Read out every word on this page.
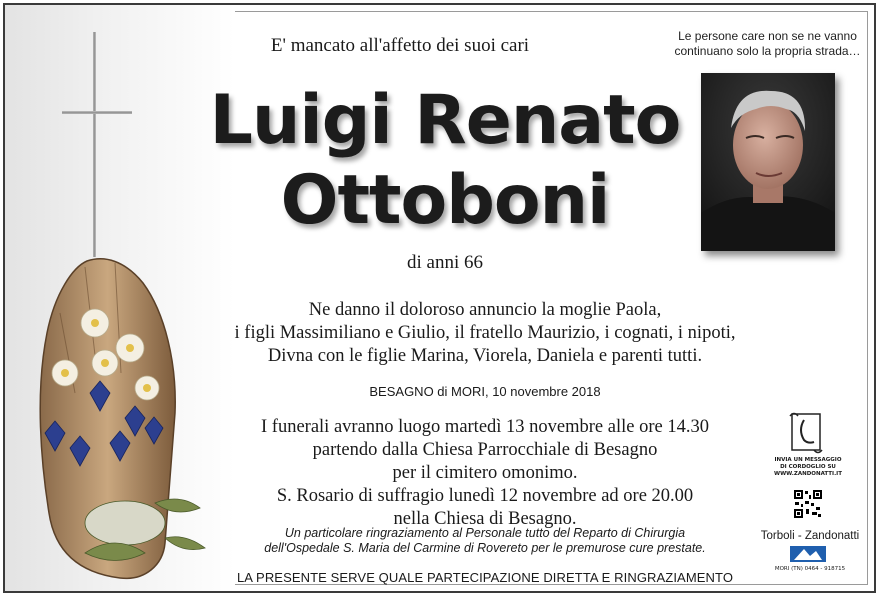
E' mancato all'affetto dei suoi cari	Le persone care non se ne vanno
continuano solo la propria strada…
Luigi Renato
Ottoboni
di anni 66
Ne danno il doloroso annuncio la moglie Paola,
i figli Massimiliano e Giulio, il fratello Maurizio, i cognati, i nipoti,
Divna con le figlie Marina, Viorela, Daniela e parenti tutti.
BESAGNO di MORI, 10 novembre 2018
I funerali avranno luogo martedì 13 novembre alle ore 14.30
partendo dalla Chiesa Parrocchiale di Besagno
per il cimitero omonimo.
S. Rosario di suffragio lunedì 12 novembre ad ore 20.00
nella Chiesa di Besagno.
Un particolare ringraziamento al Personale tutto del Reparto di Chirurgia
dell'Ospedale S. Maria del Carmine di Rovereto per le premurose cure prestate.
LA PRESENTE SERVE QUALE PARTECIPAZIONE DIRETTA E RINGRAZIAMENTO
INVIA UN MESSAGGIO
DI CORDOGLIO SU
WWW.ZANDONATTI.IT
Torboli - Zandonatti
MORI (TN) 0464 - 918715
